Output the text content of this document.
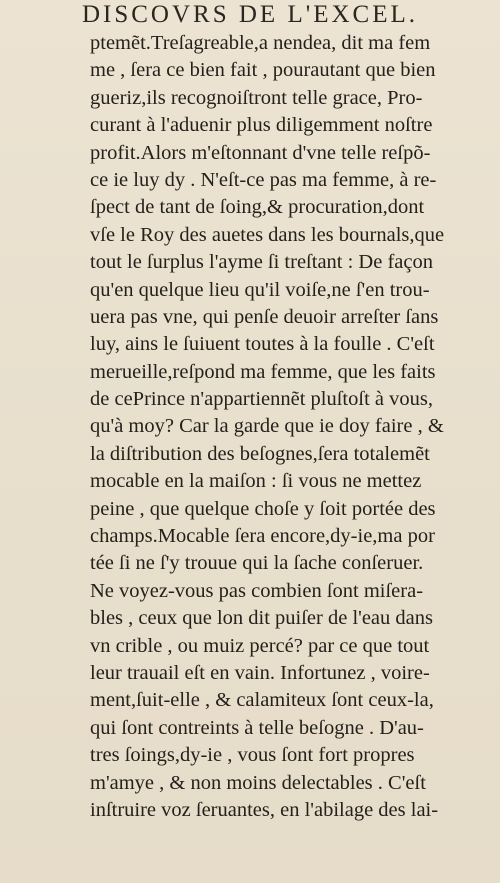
DISCOVRS DE L'EXCEL.
ptemẽt.Treſagreable,a nendea, dit ma fem
me , ſera ce bien fait , pourautant que bien
gueriz,ils recognoiſtront telle grace, Pro-
curant à l'aduenir plus diligemment noſtre
profit.Alors m'eſtonnant d'vne telle reſpõ-
ce ie luy dy . N'eſt-ce pas ma femme, à re-
ſpect de tant de ſoing,& procuration,dont
vſe le Roy des auetes dans les bournals,que
tout le ſurplus l'ayme ſi treſtant : De façon
qu'en quelque lieu qu'il voiſe,ne ſ'en trou-
uera pas vne, qui penſe deuoir arreſter ſans
luy, ains le ſuiuent toutes à la foulle . C'eſt
merueille,reſpond ma femme, que les faits
de cePrince n'appartiennẽt pluſtoſt à vous,
qu'à moy? Car la garde que ie doy faire , &
la diſtribution des beſognes,ſera totalemẽt
mocable en la maiſon : ſi vous ne mettez
peine , que quelque choſe y ſoit portée des
champs.Mocable ſera encore,dy-ie,ma por
tée ſi ne ſ'y trouue qui la ſache conſeruer.
Ne voyez-vous pas combien ſont miſera-
bles , ceux que lon dit puiſer de l'eau dans
vn crible , ou muiz percé? par ce que tout
leur trauail eſt en vain. Infortunez , voire-
ment,ſuit-elle , & calamiteux ſont ceux-la,
qui ſont contreints à telle beſogne . D'au-
tres ſoings,dy-ie , vous ſont fort propres
m'amye , & non moins delectables . C'eſt
inſtruire voz ſeruantes, en l'abilage des lai-
